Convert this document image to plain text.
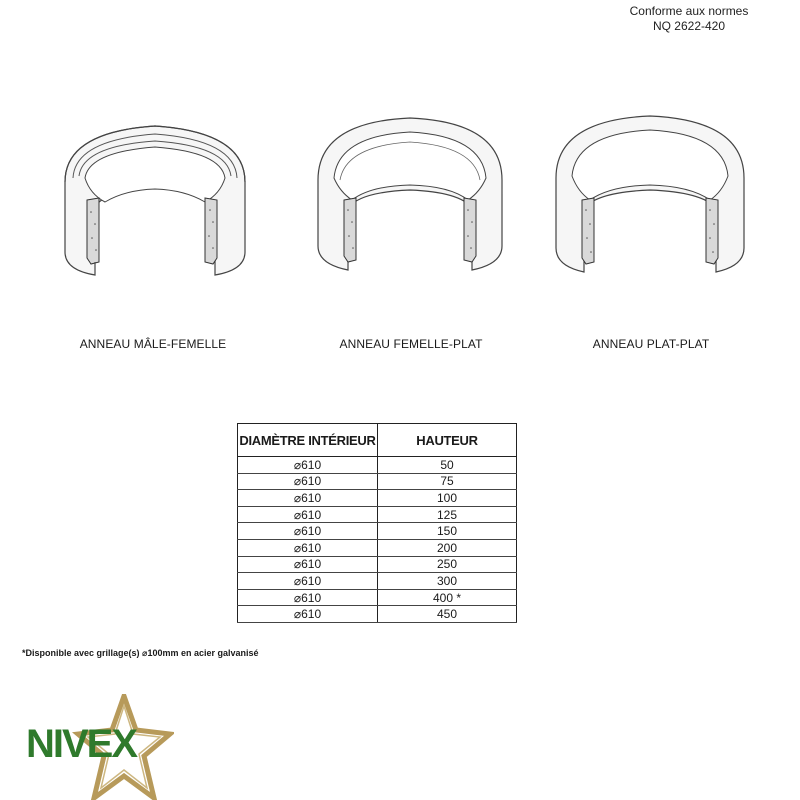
Conforme aux normes
NQ 2622-420
ANNEAU MÂLE-FEMELLE	ANNEAU FEMELLE-PLAT	ANNEAU PLAT-PLAT
DIAMÈTRE INTÉRIEUR	HAUTEUR
⌀610	50
⌀610	75
⌀610	100
⌀610	125
⌀610	150
⌀610	200
⌀610	250
⌀610	300
⌀610	400 *
⌀610	450
*Disponible avec grillage(s) ⌀100mm en acier galvanisé
NIVEX
